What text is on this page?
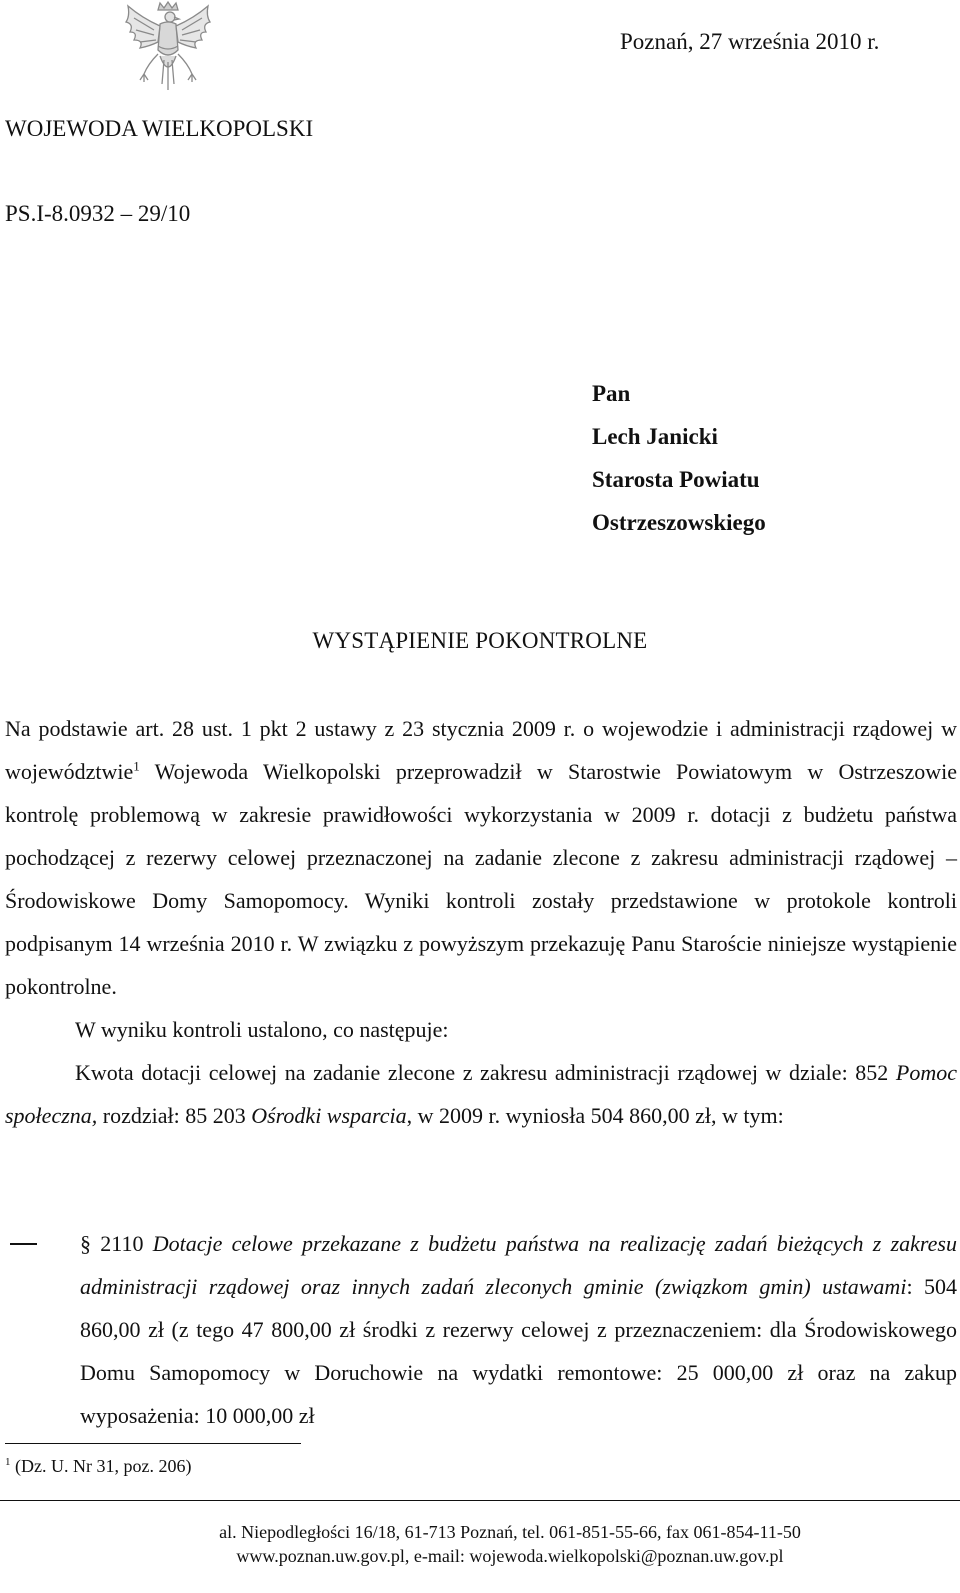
Poznań, 27 września 2010 r.
WOJEWODA WIELKOPOLSKI
PS.I-8.0932 – 29/10
Pan
Lech Janicki
Starosta Powiatu
Ostrzeszowskiego
WYSTĄPIENIE POKONTROLNE

Na podstawie art. 28 ust. 1 pkt 2 ustawy z 23 stycznia 2009 r. o wojewodzie i administracji rządowej w województwie$^1$ Wojewoda Wielkopolski przeprowadził w Starostwie Powiatowym w Ostrzeszowie kontrolę problemową w zakresie prawidłowości wykorzystania w 2009 r. dotacji z budżetu państwa pochodzącej z rezerwy celowej przeznaczonej na zadanie zlecone z zakresu administracji rządowej – Środowiskowe Domy Samopomocy. Wyniki kontroli zostały przedstawione w protokole kontroli podpisanym 14 września 2010 r. W związku z powyższym przekazuję Panu Staroście niniejsze wystąpienie pokontrolne.

W wyniku kontroli ustalono, co następuje:

Kwota dotacji celowej na zadanie zlecone z zakresu administracji rządowej w dziale: 852 Pomoc społeczna, rozdział: 85 203 Ośrodki wsparcia, w 2009 r. wyniosła 504 860,00 zł, w tym:

§ 2110 Dotacje celowe przekazane z budżetu państwa na realizację zadań bieżących z zakresu administracji rządowej oraz innych zadań zleconych gminie (związkom gmin) ustawami: 504 860,00 zł (z tego 47 800,00 zł środki z rezerwy celowej z przeznaczeniem: dla Środowiskowego Domu Samopomocy w Doruchowie na wydatki remontowe: 25 000,00 zł oraz na zakup wyposażenia: 10 000,00 zł
$^1$ (Dz. U. Nr 31, poz. 206)
al. Niepodległości 16/18, 61-713 Poznań, tel. 061-851-55-66, fax 061-854-11-50
www.poznan.uw.gov.pl, e-mail: wojewoda.wielkopolski@poznan.uw.gov.pl
